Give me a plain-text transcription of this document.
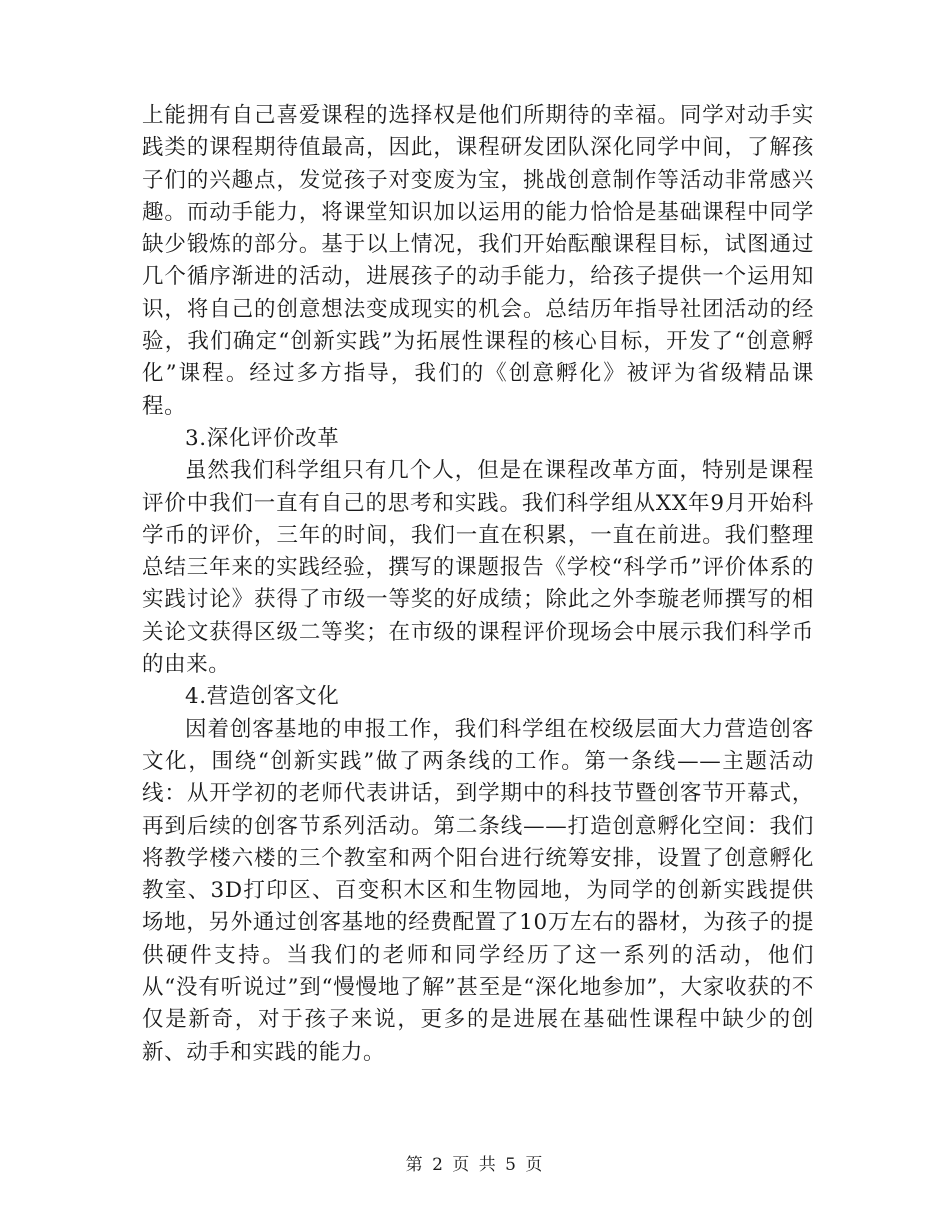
上能拥有自己喜爱课程的选择权是他们所期待的幸福。同学对动手实践类的课程期待值最高，因此，课程研发团队深化同学中间，了解孩子们的兴趣点，发觉孩子对变废为宝，挑战创意制作等活动非常感兴趣。而动手能力，将课堂知识加以运用的能力恰恰是基础课程中同学缺少锻炼的部分。基于以上情况，我们开始酝酿课程目标，试图通过几个循序渐进的活动，进展孩子的动手能力，给孩子提供一个运用知识，将自己的创意想法变成现实的机会。总结历年指导社团活动的经验，我们确定“创新实践”为拓展性课程的核心目标，开发了“创意孵化”课程。经过多方指导，我们的《创意孵化》被评为省级精品课程。

3.深化评价改革

虽然我们科学组只有几个人，但是在课程改革方面，特别是课程评价中我们一直有自己的思考和实践。我们科学组从XX年9月开始科学币的评价，三年的时间，我们一直在积累，一直在前进。我们整理总结三年来的实践经验，撰写的课题报告《学校“科学币”评价体系的实践讨论》获得了市级一等奖的好成绩；除此之外李璇老师撰写的相关论文获得区级二等奖；在市级的课程评价现场会中展示我们科学币的由来。

4.营造创客文化

因着创客基地的申报工作，我们科学组在校级层面大力营造创客文化，围绕“创新实践”做了两条线的工作。第一条线——主题活动线：从开学初的老师代表讲话，到学期中的科技节暨创客节开幕式，再到后续的创客节系列活动。第二条线——打造创意孵化空间：我们将教学楼六楼的三个教室和两个阳台进行统筹安排，设置了创意孵化教室、3D打印区、百变积木区和生物园地，为同学的创新实践提供场地，另外通过创客基地的经费配置了10万左右的器材，为孩子的提供硬件支持。当我们的老师和同学经历了这一系列的活动，他们从“没有听说过”到“慢慢地了解”甚至是“深化地参加”，大家收获的不仅是新奇，对于孩子来说，更多的是进展在基础性课程中缺少的创新、动手和实践的能力。

第 2 页 共 5 页
